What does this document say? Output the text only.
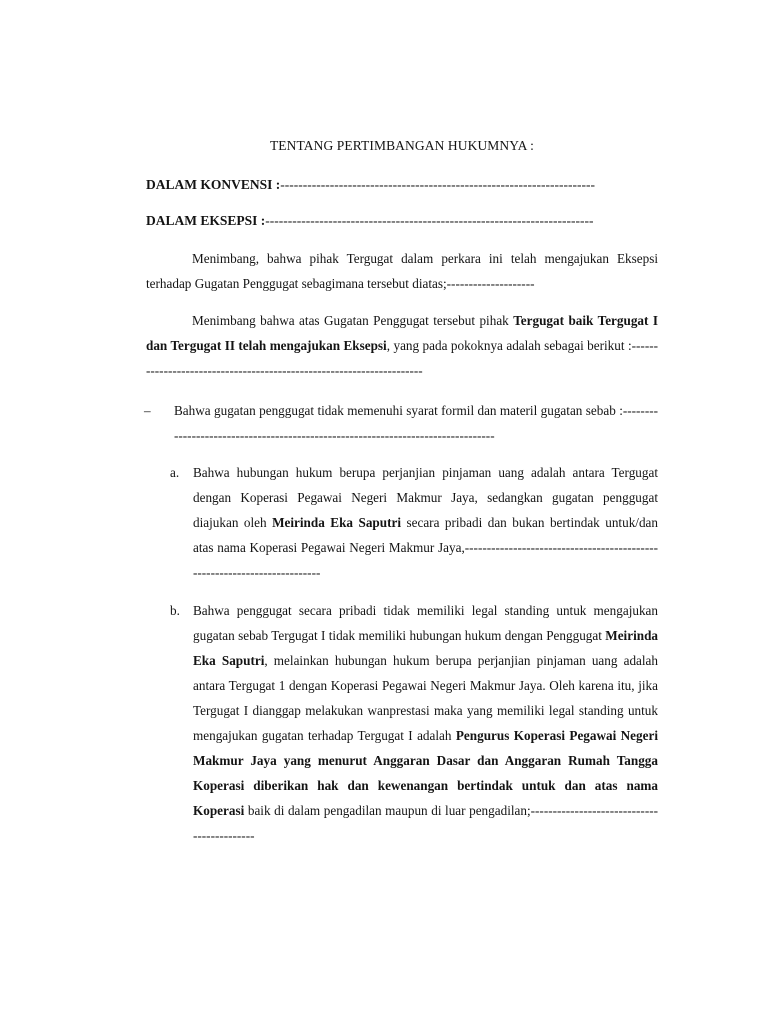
TENTANG PERTIMBANGAN HUKUMNYA :
DALAM KONVENSI :----------------------------------------------------------------------
DALAM EKSEPSI :-------------------------------------------------------------------------
Menimbang, bahwa pihak Tergugat dalam perkara ini telah mengajukan Eksepsi terhadap Gugatan Penggugat sebagimana tersebut diatas;--------------------
Menimbang bahwa atas Gugatan Penggugat tersebut pihak Tergugat baik Tergugat I dan Tergugat II telah mengajukan Eksepsi, yang pada pokoknya adalah sebagai berikut :---------------------------------------------------------------------
– Bahwa gugatan penggugat tidak memenuhi syarat formil dan materil gugatan sebab :---------------------------------------------------------------------------------
a. Bahwa hubungan hukum berupa perjanjian pinjaman uang adalah antara Tergugat dengan Koperasi Pegawai Negeri Makmur Jaya, sedangkan gugatan penggugat diajukan oleh Meirinda Eka Saputri secara pribadi dan bukan bertindak untuk/dan atas nama Koperasi Pegawai Negeri Makmur Jaya,-------------------------------------------------------------------------
b. Bahwa penggugat secara pribadi tidak memiliki legal standing untuk mengajukan gugatan sebab Tergugat I tidak memiliki hubungan hukum dengan Penggugat Meirinda Eka Saputri, melainkan hubungan hukum berupa perjanjian pinjaman uang adalah antara Tergugat 1 dengan Koperasi Pegawai Negeri Makmur Jaya. Oleh karena itu, jika Tergugat I dianggap melakukan wanprestasi maka yang memiliki legal standing untuk mengajukan gugatan terhadap Tergugat I adalah Pengurus Koperasi Pegawai Negeri Makmur Jaya yang menurut Anggaran Dasar dan Anggaran Rumah Tangga Koperasi diberikan hak dan kewenangan bertindak untuk dan atas nama Koperasi baik di dalam pengadilan maupun di luar pengadilan;-------------------------------------------
